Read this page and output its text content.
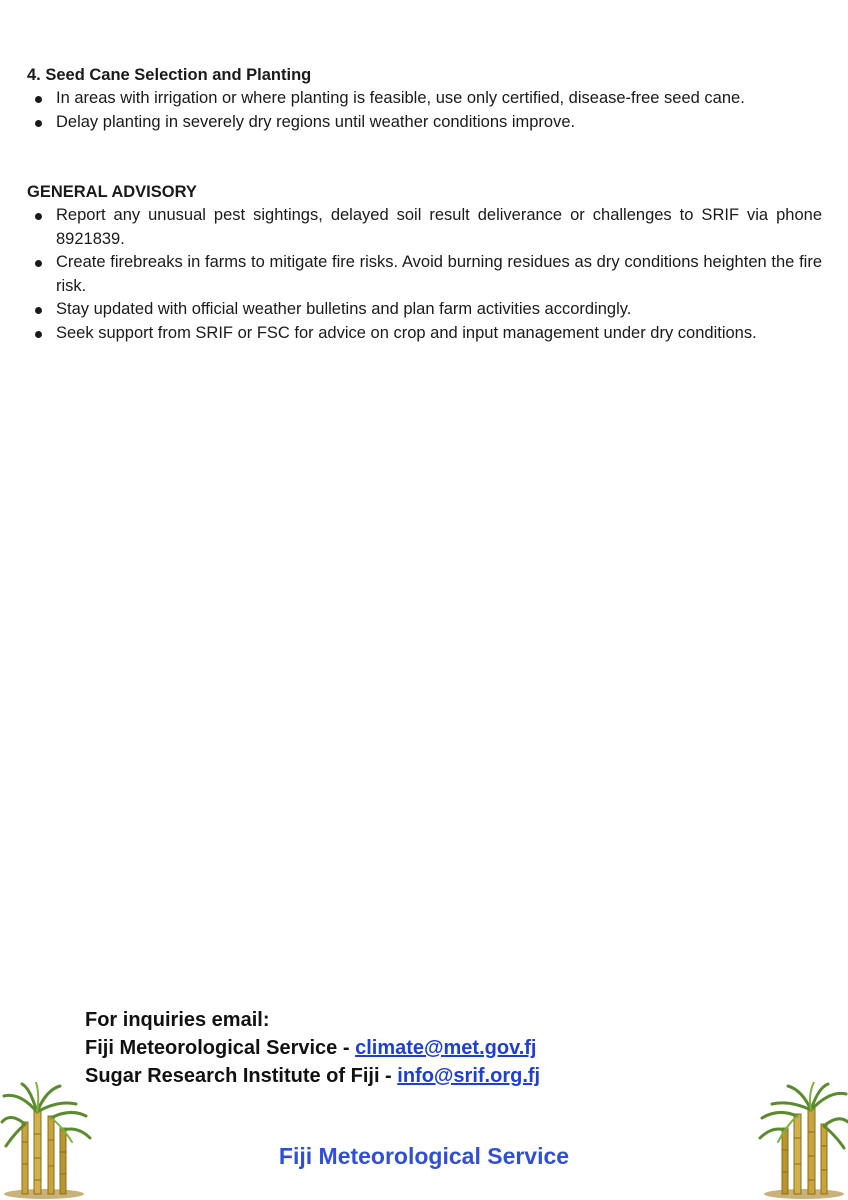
4. Seed Cane Selection and Planting

In areas with irrigation or where planting is feasible, use only certified, disease-free seed cane.
Delay planting in severely dry regions until weather conditions improve.

GENERAL ADVISORY

Report any unusual pest sightings, delayed soil result deliverance or challenges to SRIF via phone 8921839.
Create firebreaks in farms to mitigate fire risks. Avoid burning residues as dry conditions heighten the fire risk.
Stay updated with official weather bulletins and plan farm activities accordingly.
Seek support from SRIF or FSC for advice on crop and input management under dry conditions.
For inquiries email:
Fiji Meteorological Service - climate@met.gov.fj
Sugar Research Institute of Fiji - info@srif.org.fj
Fiji Meteorological Service
